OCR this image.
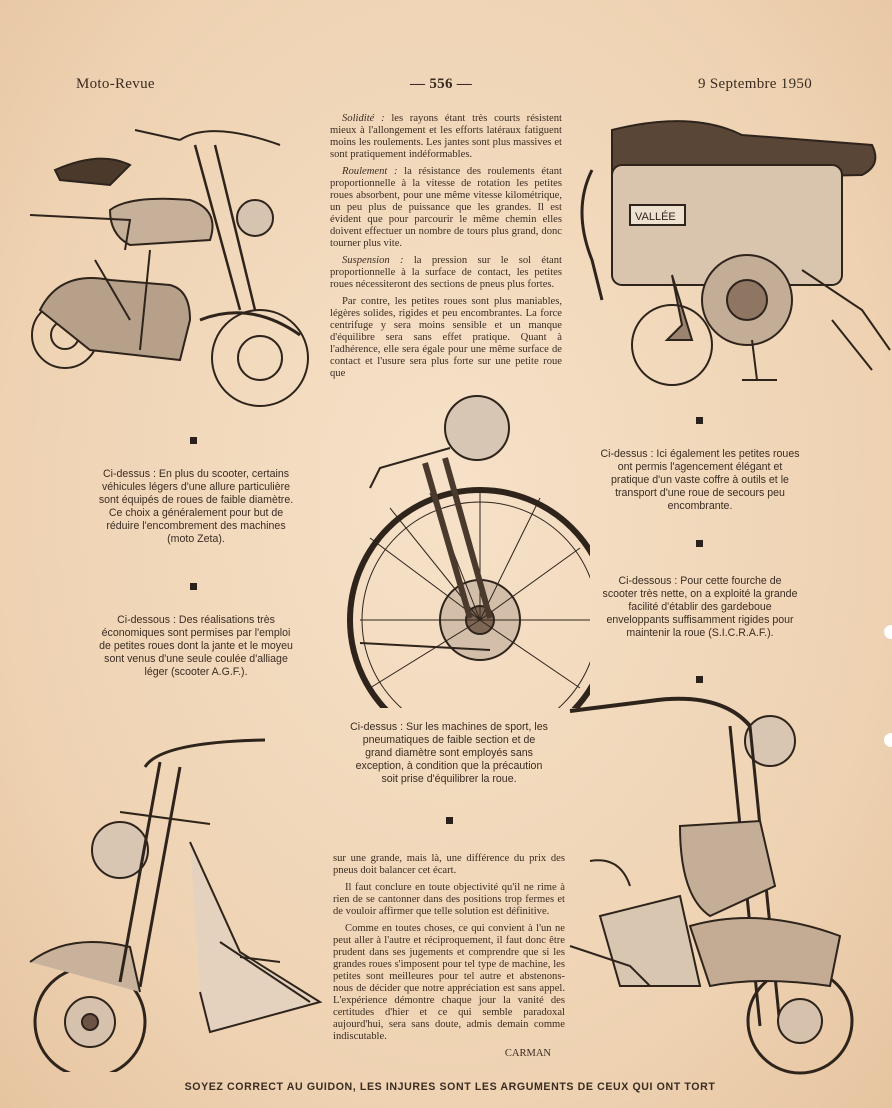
Moto-Revue	— 556 —	9 Septembre 1950

Solidité : les rayons étant très courts résistent mieux à l'allongement et les efforts latéraux fatiguent moins les roulements. Les jantes sont plus massives et sont pratiquement indéformables.

Roulement : la résistance des roulements étant proportionnelle à la vitesse de rotation les petites roues absorbent, pour une même vitesse kilométrique, un peu plus de puissance que les grandes. Il est évident que pour parcourir le même chemin elles doivent effectuer un nombre de tours plus grand, donc tourner plus vite.

Suspension : la pression sur le sol étant proportionnelle à la surface de contact, les petites roues nécessiteront des sections de pneus plus fortes.

Par contre, les petites roues sont plus maniables, légères solides, rigides et peu encombrantes. La force centrifuge y sera moins sensible et un manque d'équilibre sera sans effet pratique. Quant à l'adhérence, elle sera égale pour une même surface de contact et l'usure sera plus forte sur une petite roue que

sur une grande, mais là, une différence du prix des pneus doit balancer cet écart.

Il faut conclure en toute objectivité qu'il ne rime à rien de se cantonner dans des positions trop fermes et de vouloir affirmer que telle solution est définitive.

Comme en toutes choses, ce qui convient à l'un ne peut aller à l'autre et réciproquement, il faut donc être prudent dans ses jugements et comprendre que si les grandes roues s'imposent pour tel type de machine, les petites sont meilleures pour tel autre et abstenons-nous de décider que notre appréciation est sans appel. L'expérience démontre chaque jour la vanité des certitudes d'hier et ce qui semble paradoxal aujourd'hui, sera sans doute, admis demain comme indiscutable.

CARMAN
Ci-dessus : En plus du scooter, certains véhicules légers d'une allure particulière sont équipés de roues de faible diamètre. Ce choix a généralement pour but de réduire l'encombrement des machines (moto Zeta).
Ci-dessous : Des réalisations très économiques sont permises par l'emploi de petites roues dont la jante et le moyeu sont venus d'une seule coulée d'alliage léger (scooter A.G.F.).
Ci-dessus : Sur les machines de sport, les pneumatiques de faible section et de grand diamètre sont employés sans exception, à condition que la précaution soit prise d'équilibrer la roue.
Ci-dessus : Ici également les petites roues ont permis l'agencement élégant et pratique d'un vaste coffre à outils et le transport d'une roue de secours peu encombrante.
Ci-dessous : Pour cette fourche de scooter très nette, on a exploité la grande facilité d'établir des gardeboue enveloppants suffisamment rigides pour maintenir la roue (S.I.C.R.A.F.).
VALLÉE
SOYEZ CORRECT AU GUIDON, LES INJURES SONT LES ARGUMENTS DE CEUX QUI ONT TORT
